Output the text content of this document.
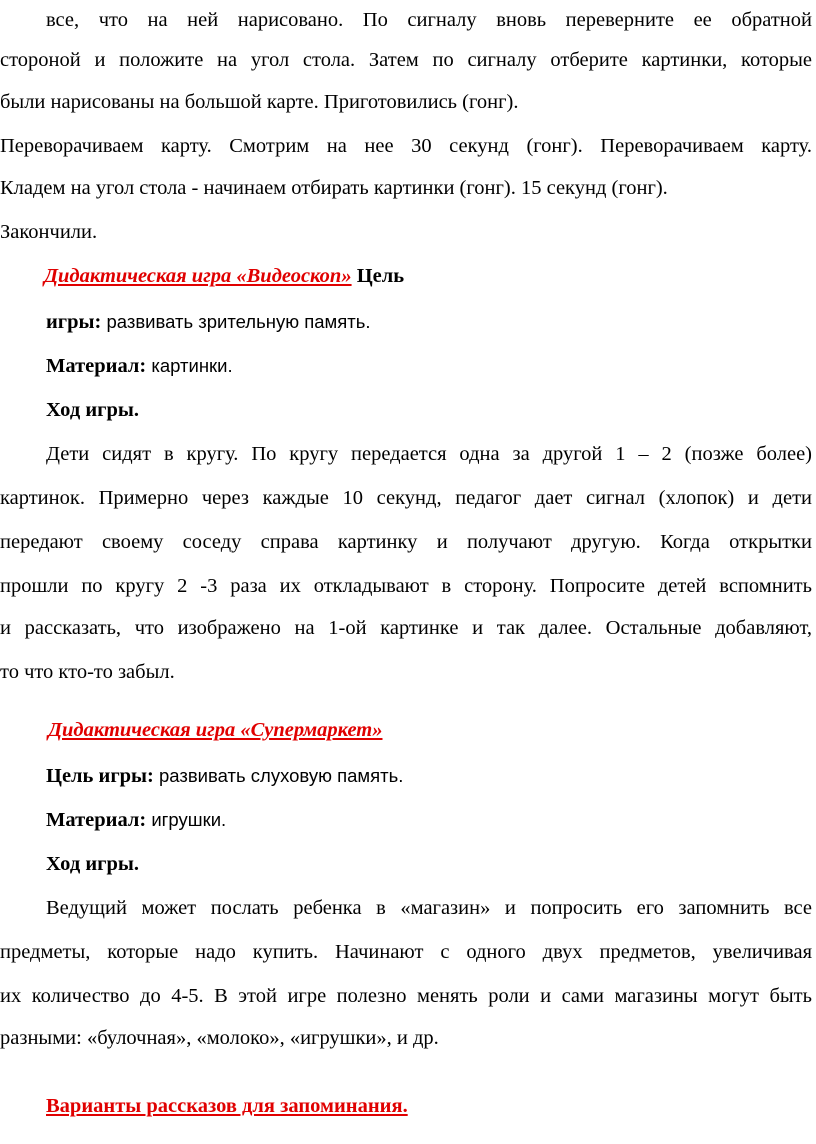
все, что на ней нарисовано. По сигналу вновь переверните ее обратной
стороной и положите на угол стола. Затем по сигналу отберите картинки, которые
были нарисованы на большой карте. Приготовились (гонг).
Переворачиваем карту. Смотрим на нее 30 секунд (гонг). Переворачиваем карту.
Кладем на угол стола - начинаем отбирать картинки (гонг). 15 секунд (гонг).
Закончили.
Дидактическая игра «Видеоскоп» Цель
игры: развивать зрительную память.
Материал: картинки.
Ход игры.
Дети сидят в кругу. По кругу передается одна за другой 1 – 2 (позже более)
картинок. Примерно через каждые 10 секунд, педагог дает сигнал (хлопок) и дети
передают своему соседу справа картинку и получают другую. Когда открытки
прошли по кругу 2 -3 раза их откладывают в сторону. Попросите детей вспомнить
и рассказать, что изображено на 1-ой картинке и так далее. Остальные добавляют,
то что кто-то забыл.
Дидактическая игра «Супермаркет»
Цель игры: развивать слуховую память.
Материал: игрушки.
Ход игры.
Ведущий может послать ребенка в «магазин» и попросить его запомнить все
предметы, которые надо купить. Начинают с одного двух предметов, увеличивая
их количество до 4-5. В этой игре полезно менять роли и сами магазины могут быть
разными: «булочная», «молоко», «игрушки», и др.
Варианты рассказов для запоминания.
